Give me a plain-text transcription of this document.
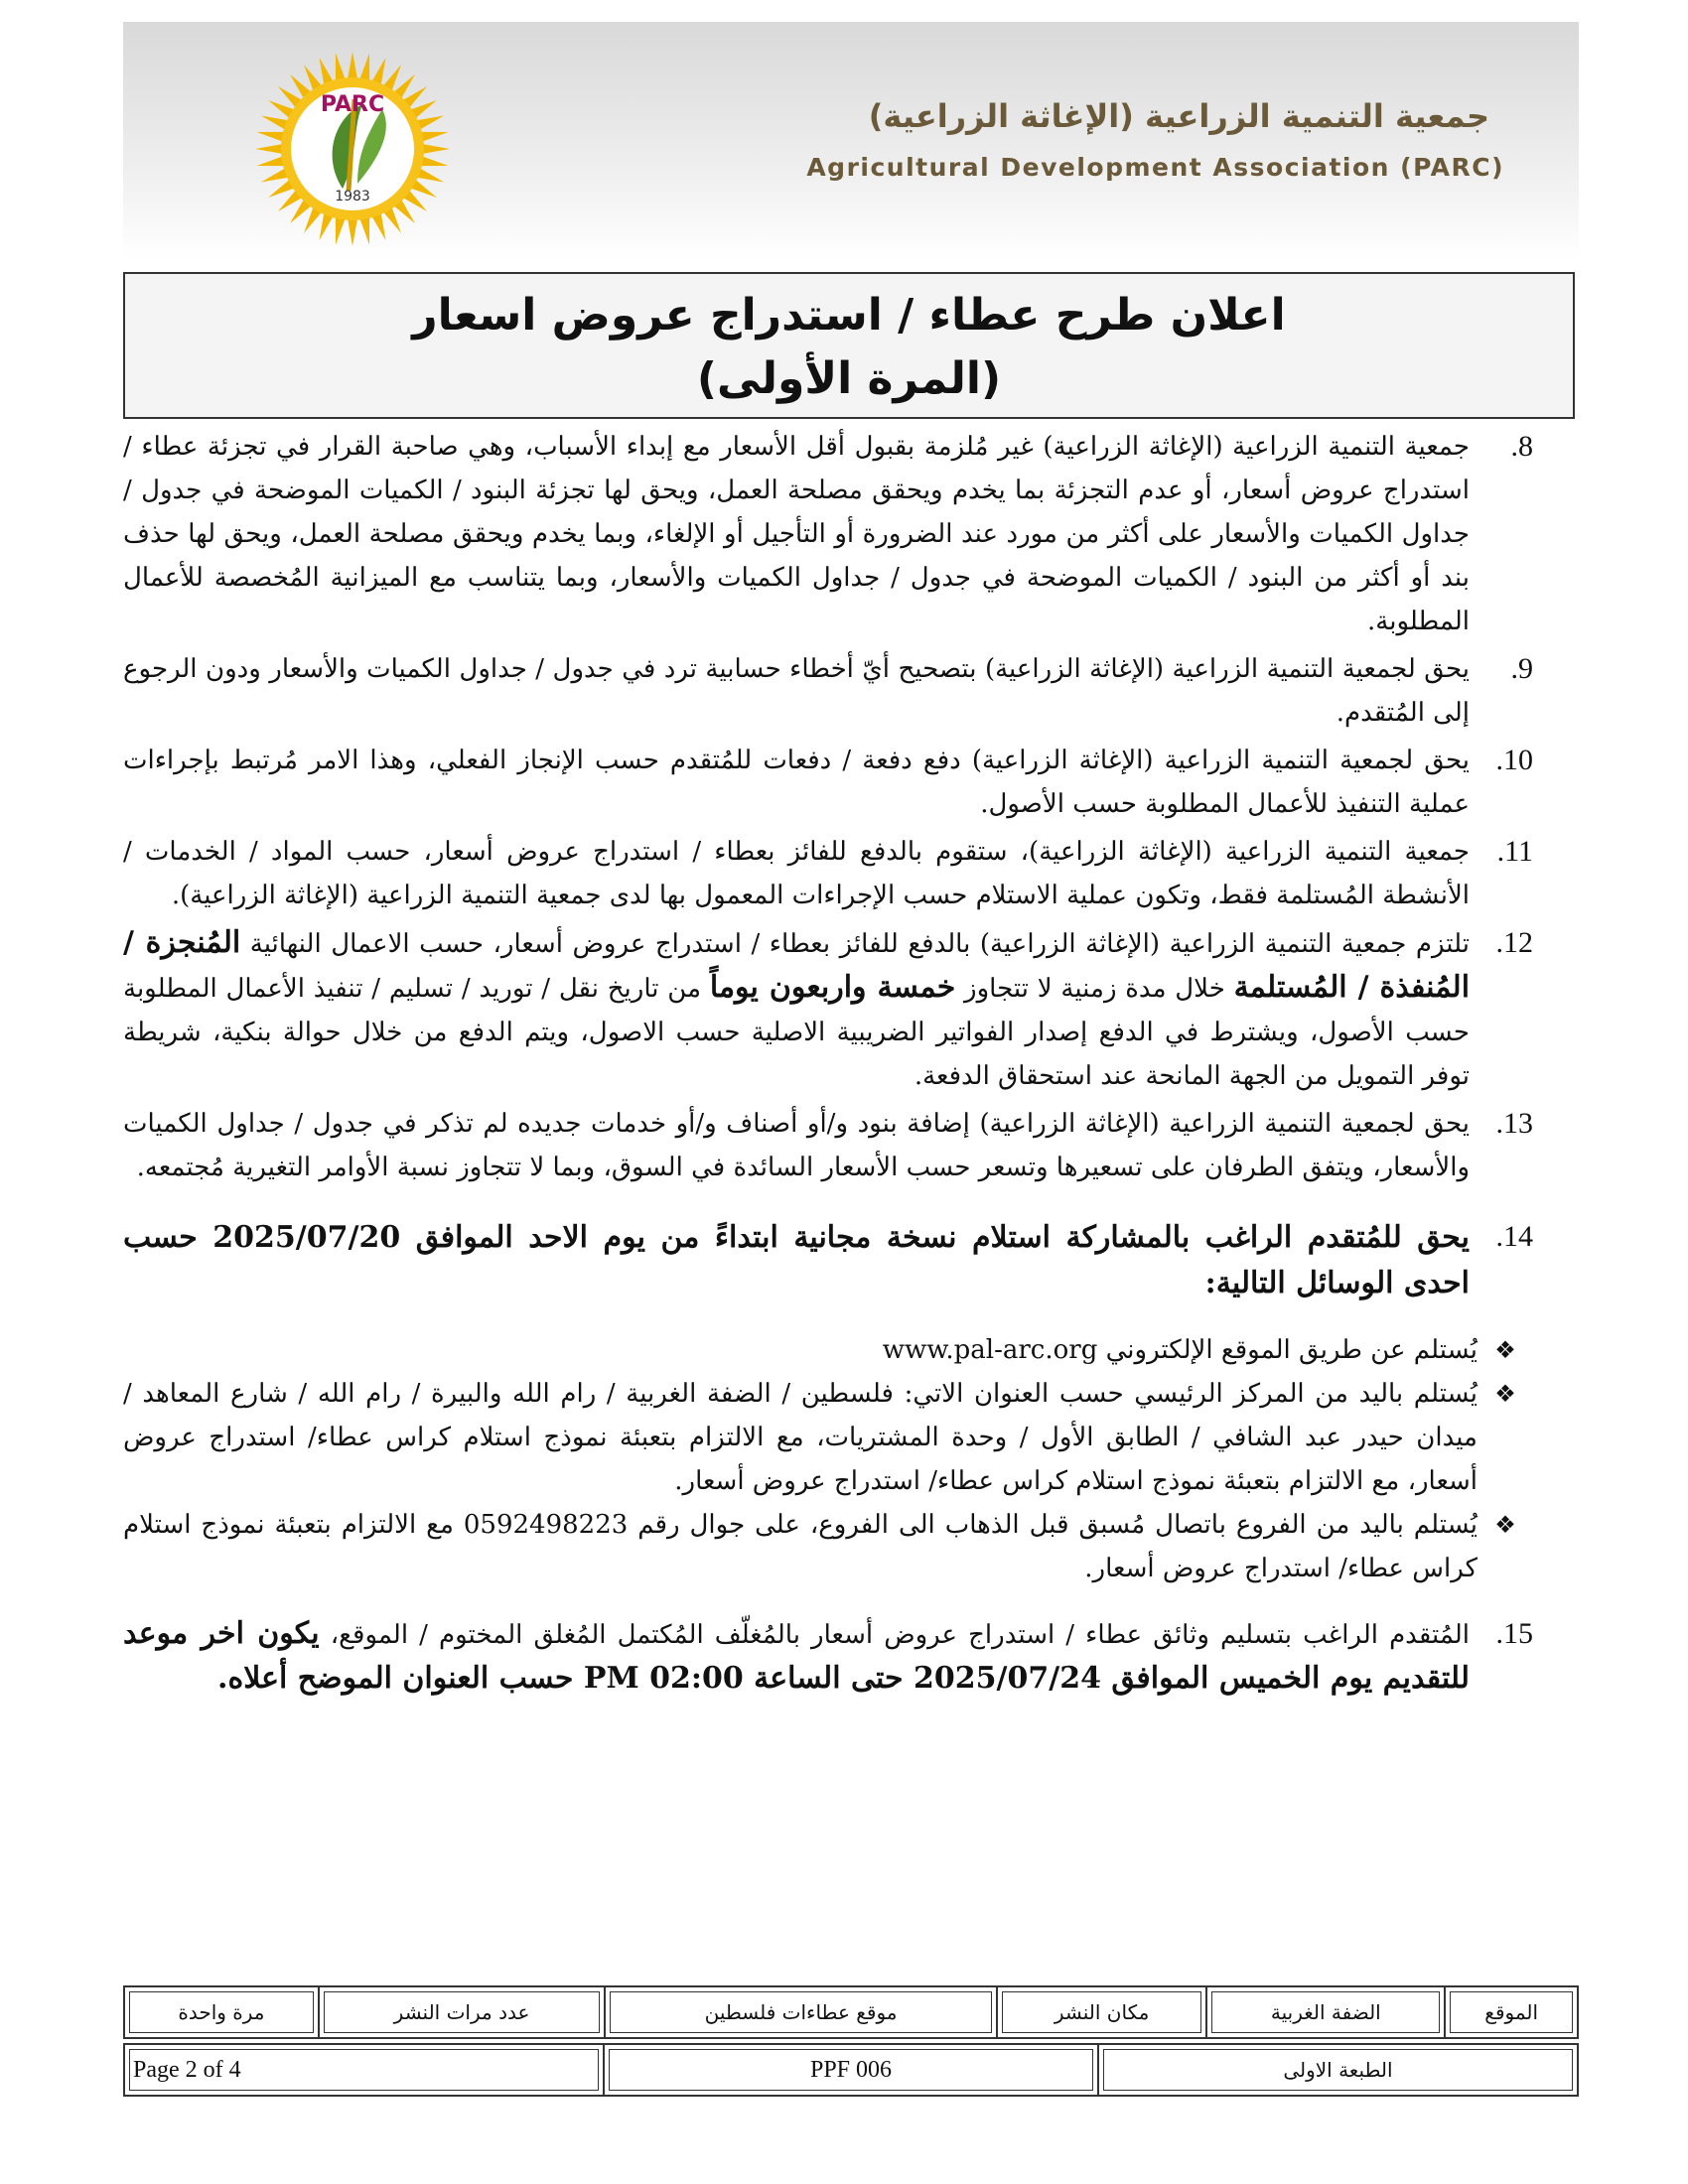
PARC
1983
جمعية التنمية الزراعية (الإغاثة الزراعية)
Agricultural Development Association (PARC)
اعلان طرح عطاء / استدراج عروض اسعار
(المرة الأولى)
.8
جمعية التنمية الزراعية (الإغاثة الزراعية) غير مُلزمة بقبول أقل الأسعار مع إبداء الأسباب، وهي صاحبة القرار في تجزئة عطاء / استدراج عروض أسعار، أو عدم التجزئة بما يخدم ويحقق مصلحة العمل، ويحق لها تجزئة البنود / الكميات الموضحة في جدول / جداول الكميات والأسعار على أكثر من مورد عند الضرورة أو التأجيل أو الإلغاء، وبما يخدم ويحقق مصلحة العمل، ويحق لها حذف بند أو أكثر من البنود / الكميات الموضحة في جدول / جداول الكميات والأسعار، وبما يتناسب مع الميزانية المُخصصة للأعمال المطلوبة.
.9
يحق لجمعية التنمية الزراعية (الإغاثة الزراعية) بتصحيح أيّ أخطاء حسابية ترد في جدول / جداول الكميات والأسعار ودون الرجوع إلى المُتقدم.
.10
يحق لجمعية التنمية الزراعية (الإغاثة الزراعية) دفع دفعة / دفعات للمُتقدم حسب الإنجاز الفعلي، وهذا الامر مُرتبط بإجراءات عملية التنفيذ للأعمال المطلوبة حسب الأصول.
.11
جمعية التنمية الزراعية (الإغاثة الزراعية)، ستقوم بالدفع للفائز بعطاء / استدراج عروض أسعار، حسب المواد / الخدمات / الأنشطة المُستلمة فقط، وتكون عملية الاستلام حسب الإجراءات المعمول بها لدى جمعية التنمية الزراعية (الإغاثة الزراعية).
.12
تلتزم جمعية التنمية الزراعية (الإغاثة الزراعية) بالدفع للفائز بعطاء / استدراج عروض أسعار، حسب الاعمال النهائية المُنجزة / المُنفذة / المُستلمة خلال مدة زمنية لا تتجاوز خمسة واربعون يوماً من تاريخ نقل / توريد / تسليم / تنفيذ الأعمال المطلوبة حسب الأصول، ويشترط في الدفع إصدار الفواتير الضريبية الاصلية حسب الاصول، ويتم الدفع من خلال حوالة بنكية، شريطة توفر التمويل من الجهة المانحة عند استحقاق الدفعة.
.13
يحق لجمعية التنمية الزراعية (الإغاثة الزراعية) إضافة بنود و/أو أصناف و/أو خدمات جديده لم تذكر في جدول / جداول الكميات والأسعار، ويتفق الطرفان على تسعيرها وتسعر حسب الأسعار السائدة في السوق، وبما لا تتجاوز نسبة الأوامر التغيرية مُجتمعه.
.14
يحق للمُتقدم الراغب بالمشاركة استلام نسخة مجانية ابتداءً من يوم الاحد الموافق 2025/07/20 حسب احدى الوسائل التالية:
❖
يُستلم عن طريق الموقع الإلكتروني www.pal-arc.org
❖
يُستلم باليد من المركز الرئيسي حسب العنوان الاتي: فلسطين / الضفة الغربية / رام الله والبيرة / رام الله / شارع المعاهد / ميدان حيدر عبد الشافي / الطابق الأول / وحدة المشتريات، مع الالتزام بتعبئة نموذج استلام كراس عطاء/ استدراج عروض أسعار، مع الالتزام بتعبئة نموذج استلام كراس عطاء/ استدراج عروض أسعار.
❖
يُستلم باليد من الفروع باتصال مُسبق قبل الذهاب الى الفروع، على جوال رقم 0592498223 مع الالتزام بتعبئة نموذج استلام كراس عطاء/ استدراج عروض أسعار.
.15
المُتقدم الراغب بتسليم وثائق عطاء / استدراج عروض أسعار بالمُغلّف المُكتمل المُغلق المختوم / الموقع، يكون اخر موعد للتقديم يوم الخميس الموافق 2025/07/24 حتى الساعة 02:00 PM حسب العنوان الموضح أعلاه.
الموقع	الضفة الغربية	مكان النشر	موقع عطاءات فلسطين	عدد مرات النشر	مرة واحدة
الطبعة الاولى	PPF 006	Page 2 of 4
